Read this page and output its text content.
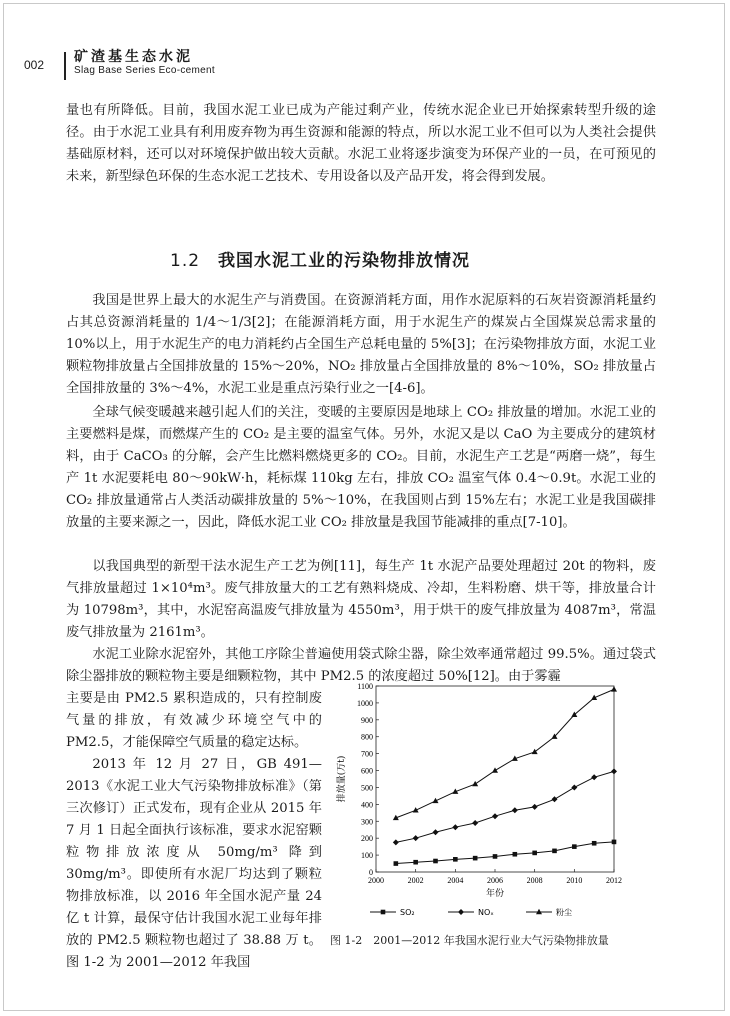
002 矿渣基生态水泥
Slag Base Series Eco-cement

量也有所降低。目前，我国水泥工业已成为产能过剩产业，传统水泥企业已开始探索转型升级的途径。由于水泥工业具有利用废弃物为再生资源和能源的特点，所以水泥工业不但可以为人类社会提供基础原材料，还可以对环境保护做出较大贡献。水泥工业将逐步演变为环保产业的一员，在可预见的未来，新型绿色环保的生态水泥工艺技术、专用设备以及产品开发，将会得到发展。

1.2 我国水泥工业的污染物排放情况

我国是世界上最大的水泥生产与消费国。在资源消耗方面，用作水泥原料的石灰岩资源消耗量约占其总资源消耗量的 1/4～1/3[2]；在能源消耗方面，用于水泥生产的煤炭占全国煤炭总需求量的 10%以上，用于水泥生产的电力消耗约占全国生产总耗电量的 5%[3]；在污染物排放方面，水泥工业颗粒物排放量占全国排放量的 15%～20%，NO₂ 排放量占全国排放量的 8%～10%，SO₂ 排放量占全国排放量的 3%～4%，水泥工业是重点污染行业之一[4-6]。

全球气候变暖越来越引起人们的关注，变暖的主要原因是地球上 CO₂ 排放量的增加。水泥工业的主要燃料是煤，而燃煤产生的 CO₂ 是主要的温室气体。另外，水泥又是以 CaO 为主要成分的建筑材料，由于 CaCO₃ 的分解，会产生比燃料燃烧更多的 CO₂。目前，水泥生产工艺是“两磨一烧”，每生产 1t 水泥要耗电 80～90kW·h，耗标煤 110kg 左右，排放 CO₂ 温室气体 0.4～0.9t。水泥工业的 CO₂ 排放量通常占人类活动碳排放量的 5%～10%，在我国则占到 15%左右；水泥工业是我国碳排放量的主要来源之一，因此，降低水泥工业 CO₂ 排放量是我国节能减排的重点[7-10]。

以我国典型的新型干法水泥生产工艺为例[11]，每生产 1t 水泥产品要处理超过 20t 的物料，废气排放量超过 1×10⁴m³。废气排放量大的工艺有熟料烧成、冷却，生料粉磨、烘干等，排放量合计为 10798m³，其中，水泥窑高温废气排放量为 4550m³，用于烘干的废气排放量为 4087m³，常温废气排放量为 2161m³。

水泥工业除水泥窑外，其他工序除尘普遍使用袋式除尘器，除尘效率通常超过 99.5%。通过袋式除尘器排放的颗粒物主要是细颗粒物，其中 PM2.5 的浓度超过 50%[12]。由于雾霾

主要是由 PM2.5 累积造成的，只有控制废气量的排放，有效减少环境空气中的 PM2.5，才能保障空气质量的稳定达标。

2013 年 12 月 27 日，GB 491—2013《水泥工业大气污染物排放标准》（第三次修订）正式发布，现有企业从 2015 年 7 月 1 日起全面执行该标准，要求水泥窑颗粒物排放浓度从 50mg/m³ 降到 30mg/m³。即使所有水泥厂均达到了颗粒物排放标准，以 2016 年全国水泥产量 24 亿 t 计算，最保守估计我国水泥工业每年排放的 PM2.5 颗粒物也超过了 38.88 万 t。图 1-2 为 2001—2012 年我国

0
100
200
300
400
500
600
700
800
900
1000
1100
2000	2002	2004	2006	2008	2010	2012
年份
排放量(万t)
SO₂	NOₓ	粉尘
图 1-2　2001—2012 年我国水泥行业大气污染物排放量
